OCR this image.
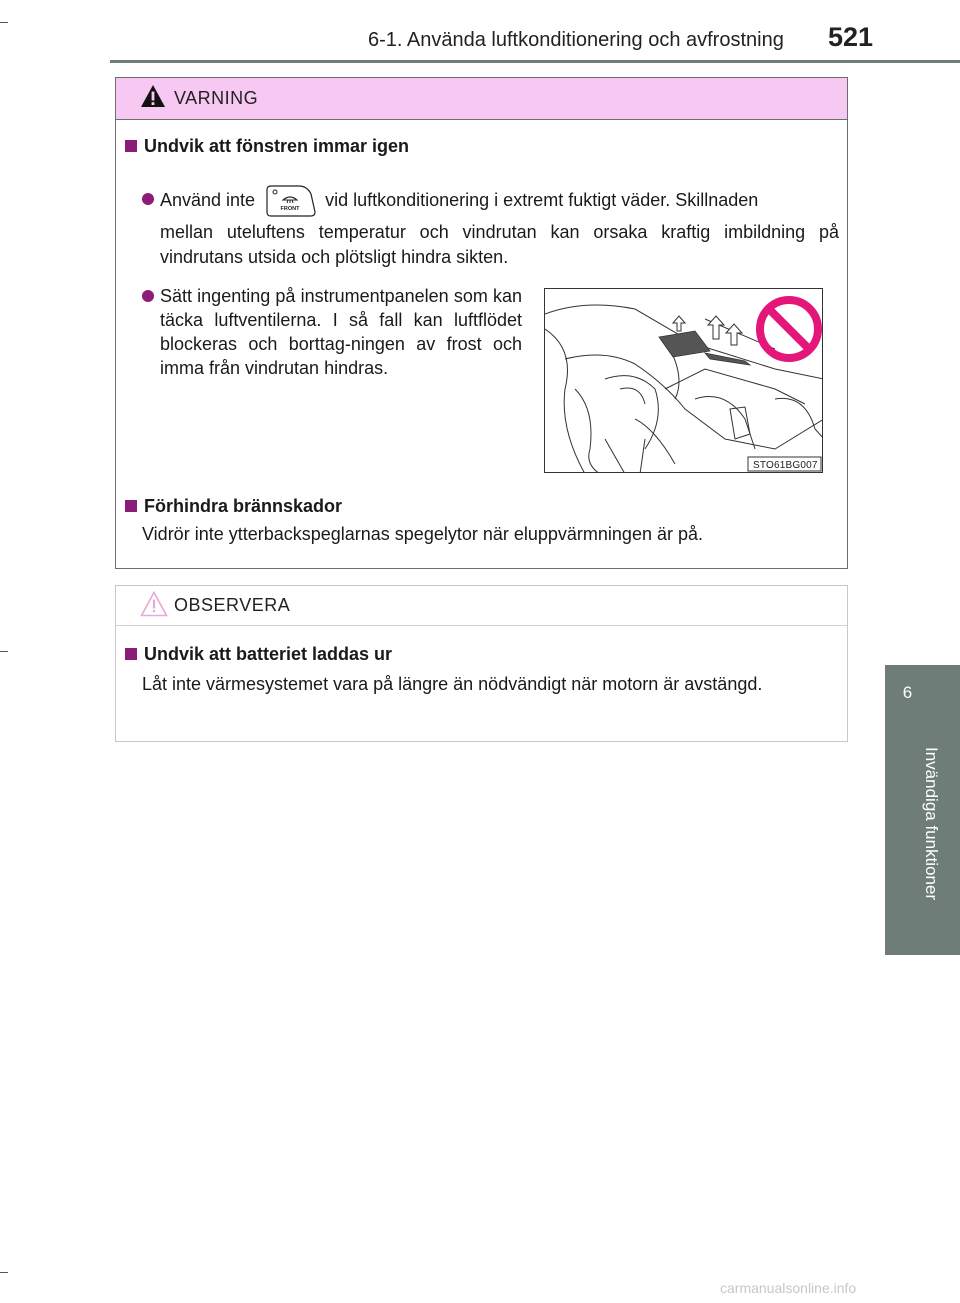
6-1. Använda luftkonditionering och avfrostning 521
6
Invändiga funktioner
VARNING
Undvik att fönstren immar igen
Använd inte	FRONT vid luftkonditionering i extremt fuktigt väder. Skillnaden

mellan uteluftens temperatur och vindrutan kan orsaka kraftig imbildning på vindrutans utsida och plötsligt hindra sikten.

Sätt ingenting på instrumentpanelen som kan täcka luftventilerna. I så fall kan luftflödet blockeras och borttag-ningen av frost och imma från vindrutan hindras.
STO61BG007
Förhindra brännskador

Vidrör inte ytterbackspeglarnas spegelytor när eluppvärmningen är på.

OBSERVERA
Undvik att batteriet laddas ur

Låt inte värmesystemet vara på längre än nödvändigt när motorn är avstängd.

carmanualsonline.info
